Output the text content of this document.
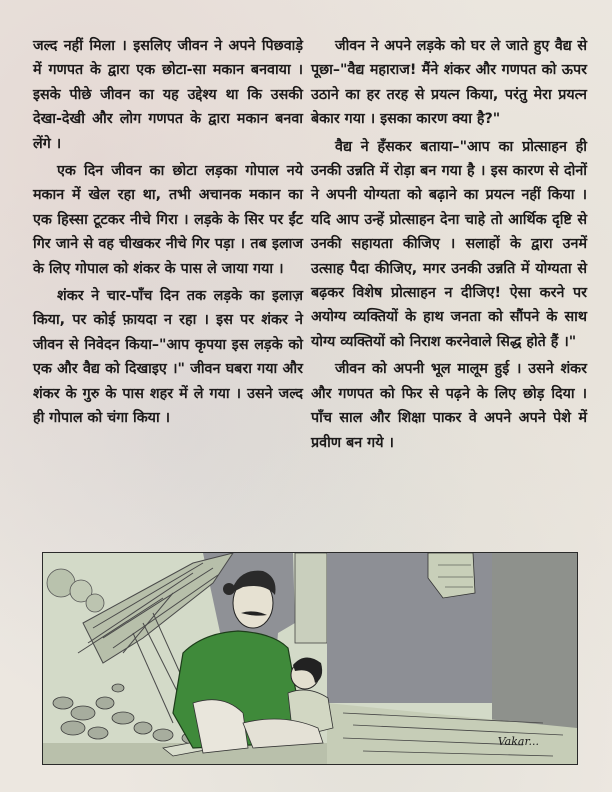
जल्द नहीं मिला । इसलिए जीवन ने अपने पिछवाड़े में गणपत के द्वारा एक छोटा-सा मकान बनवाया । इसके पीछे जीवन का यह उद्देश्य था कि उसकी देखा-देखी और लोग गणपत के द्वारा मकान बनवा लेंगे ।

एक दिन जीवन का छोटा लड़का गोपाल नये मकान में खेल रहा था, तभी अचानक मकान का एक हिस्सा टूटकर नीचे गिरा । लड़के के सिर पर ईंट गिर जाने से वह चीखकर नीचे गिर पड़ा । तब इलाज के लिए गोपाल को शंकर के पास ले जाया गया ।

शंकर ने चार-पाँच दिन तक लड़के का इलाज़ किया, पर कोई फ़ायदा न रहा । इस पर शंकर ने जीवन से निवेदन किया–"आप कृपया इस लड़के को एक और वैद्य को दिखाइए ।" जीवन घबरा गया और शंकर के गुरु के पास शहर में ले गया । उसने जल्द ही गोपाल को चंगा किया ।

जीवन ने अपने लड़के को घर ले जाते हुए वैद्य से पूछा–"वैद्य महाराज! मैंने शंकर और गणपत को ऊपर उठाने का हर तरह से प्रयत्न किया, परंतु मेरा प्रयत्न बेकार गया । इसका कारण क्या है?"

वैद्य ने हँसकर बताया–"आप का प्रोत्साहन ही उनकी उन्नति में रोड़ा बन गया है । इस कारण से दोनों ने अपनी योग्यता को बढ़ाने का प्रयत्न नहीं किया । यदि आप उन्हें प्रोत्साहन देना चाहे तो आर्थिक दृष्टि से उनकी सहायता कीजिए । सलाहों के द्वारा उनमें उत्साह पैदा कीजिए, मगर उनकी उन्नति में योग्यता से बढ़कर विशेष प्रोत्साहन न दीजिए! ऐसा करने पर अयोग्य व्यक्तियों के हाथ जनता को सौंपने के साथ योग्य व्यक्तियों को निराश करनेवाले सिद्ध होते हैं ।"

जीवन को अपनी भूल मालूम हुई । उसने शंकर और गणपत को फिर से पढ़ने के लिए छोड़ दिया । पाँच साल और शिक्षा पाकर वे अपने अपने पेशे में प्रवीण बन गये ।

Vakar...
